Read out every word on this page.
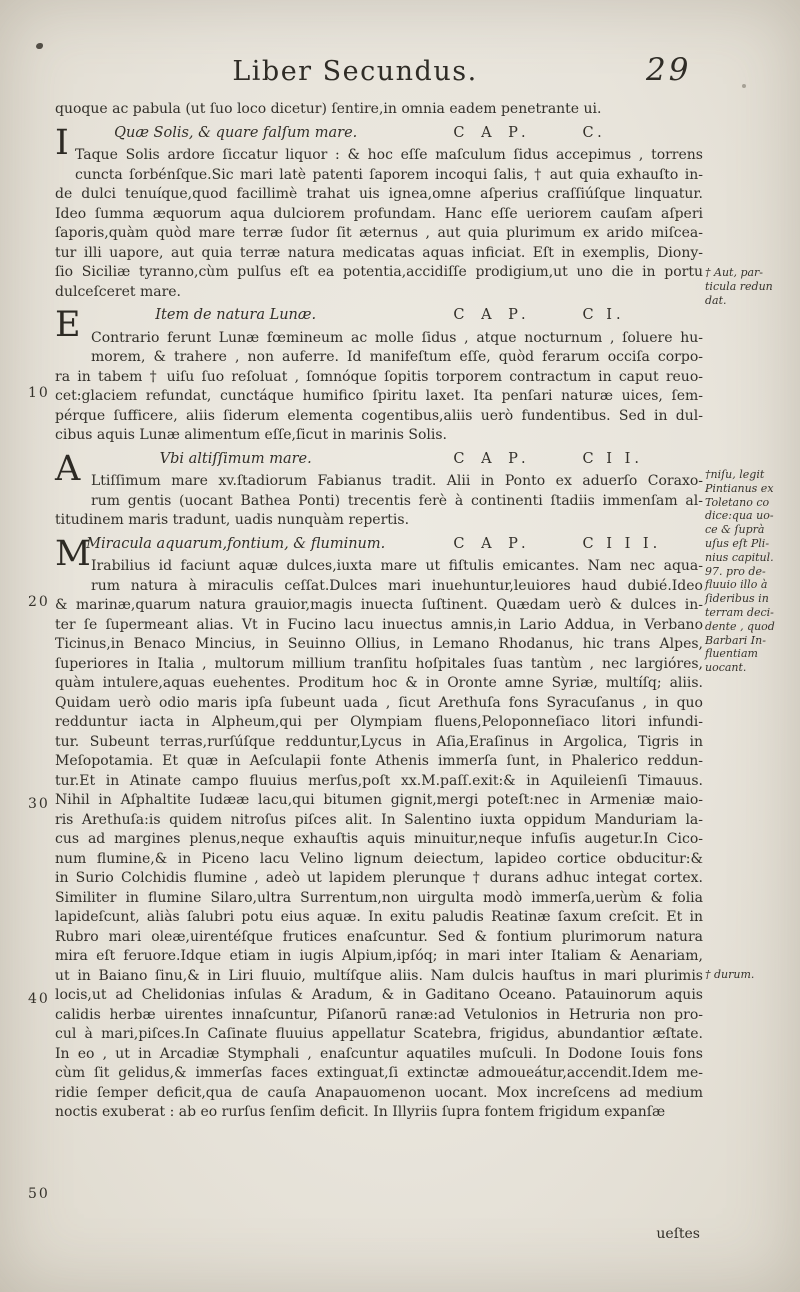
Liber Secundus.	29
quoque ac pabula (ut ſuo loco dicetur) ſentire,in omnia eadem penetrante ui.
Quæ Solis, & quare falſum mare.	C A P.	C.
I Taque Solis ardore ſiccatur liquor : & hoc eſſe maſculum ſidus accepimus , torrens
cuncta ſorbénſque.Sic mari latè patenti ſaporem incoqui ſalis, † aut quia exhauſto in-
de dulci tenuíque,quod facillimè trahat uis ignea,omne aſperius craſſiúſque linquatur.
Ideo ſumma æquorum aqua dulciorem profundam. Hanc eſſe ueriorem cauſam aſperi
ſaporis,quàm quòd mare terræ ſudor ſit æternus , aut quia plurimum ex arido miſcea-
tur illi uapore, aut quia terræ natura medicatas aquas inficiat. Eſt in exemplis, Diony-
ſio Siciliæ tyranno,cùm pulſus eſt ea potentia,accidiſſe prodigium,ut uno die in portu
dulceſceret mare.
Item de natura Lunæ.	C A P.	C I.
E Contrario ferunt Lunæ fœmineum ac molle ſidus , atque nocturnum , ſoluere hu-
morem, & trahere , non auferre. Id manifeſtum eſſe, quòd ferarum occiſa corpo-
ra in tabem † uiſu ſuo reſoluat , ſomnóque ſopitis torporem contractum in caput reuo-
cet:glaciem refundat, cunctáque humifico ſpiritu laxet. Ita penſari naturæ uices, ſem-
pérque ſufficere, aliis ſiderum elementa cogentibus,aliis uerò fundentibus. Sed in dul-
cibus aquis Lunæ alimentum eſſe,ſicut in marinis Solis.
Vbi altiſſimum mare.	C A P.	C I I.
A Ltiſſimum mare xv.ſtadiorum Fabianus tradit. Alii in Ponto ex aduerſo Coraxo-
rum gentis (uocant Bathea Ponti) trecentis ferè à continenti ſtadiis immenſam al-
titudinem maris tradunt, uadis nunquàm repertis.
Miracula aquarum,fontium, & fluminum.	C A P.	C I I I.
M Irabilius id faciunt aquæ dulces,iuxta mare ut fiſtulis emicantes. Nam nec aqua-
rum natura à miraculis ceſſat.Dulces mari inuehuntur,leuiores haud dubié.Ideo
& marinæ,quarum natura grauior,magis inuecta ſuſtinent. Quædam uerò & dulces in-
ter ſe ſupermeant alias. Vt in Fucino lacu inuectus amnis,in Lario Addua, in Verbano
Ticinus,in Benaco Mincius, in Seuinno Ollius, in Lemano Rhodanus, hic trans Alpes,
ſuperiores in Italia , multorum millium tranſitu hoſpitales ſuas tantùm , nec largióres,
quàm intulere,aquas euehentes. Proditum hoc & in Oronte amne Syriæ, multíſq; aliis.
Quidam uerò odio maris ipſa ſubeunt uada , ſicut Arethuſa fons Syracuſanus , in quo
redduntur iacta in Alpheum,qui per Olympiam fluens,Peloponneſiaco litori infundi-
tur. Subeunt terras,rurſúſque redduntur,Lycus in Aſia,Eraſinus in Argolica, Tigris in
Meſopotamia. Et quæ in Aeſculapii fonte Athenis immerſa ſunt, in Phalerico reddun-
tur.Et in Atinate campo fluuius merſus,poſt xx.M.paſſ.exit:& in Aquileienſi Timauus.
Nihil in Aſphaltite Iudææ lacu,qui bitumen gignit,mergi poteſt:nec in Armeniæ maio-
ris Arethuſa:is quidem nitroſus piſces alit. In Salentino iuxta oppidum Manduriam la-
cus ad margines plenus,neque exhauſtis aquis minuitur,neque infuſis augetur.In Cico-
num flumine,& in Piceno lacu Velino lignum deiectum, lapideo cortice obducitur:&
in Surio Colchidis flumine , adeò ut lapidem plerunque † durans adhuc integat cortex.
Similiter in flumine Silaro,ultra Surrentum,non uirgulta modò immerſa,uerùm & folia
lapideſcunt, aliàs ſalubri potu eius aquæ. In exitu paludis Reatinæ ſaxum creſcit. Et in
Rubro mari oleæ,uirentéſque frutices enaſcuntur. Sed & fontium plurimorum natura
mira eſt feruore.Idque etiam in iugis Alpium,ipſóq; in mari inter Italiam & Aenariam,
ut in Baiano ſinu,& in Liri fluuio, multíſque aliis. Nam dulcis hauſtus in mari plurimis
locis,ut ad Chelidonias inſulas & Aradum, & in Gaditano Oceano. Patauinorum aquis
calidis herbæ uirentes innaſcuntur, Piſanorū ranæ:ad Vetulonios in Hetruria non pro-
cul à mari,piſces.In Caſinate fluuius appellatur Scatebra, frigidus, abundantior æſtate.
In eo , ut in Arcadiæ Stymphali , enaſcuntur aquatiles muſculi. In Dodone Iouis fons
cùm ſit gelidus,& immerſas faces extinguat,ſi extinctæ admoueátur,accendit.Idem me-
ridie ſemper deficit,qua de cauſa Anapauomenon uocant. Mox increſcens ad medium
noctis exuberat : ab eo rurſus ſenſim deficit. In Illyriis ſupra fontem frigidum expanſæ
10
20
30
40
50
† Aut, par-
ticula redun
dat.
†niſu, legit
Pintianus ex
Toletano co
dice:qua uo-
ce & ſuprà
uſus eſt Pli-
nius capitul.
97. pro de-
fluuio illo à
ſideribus in
terram deci-
dente , quod
Barbari In-
fluentiam
uocant.
† durum.
ueſtes
